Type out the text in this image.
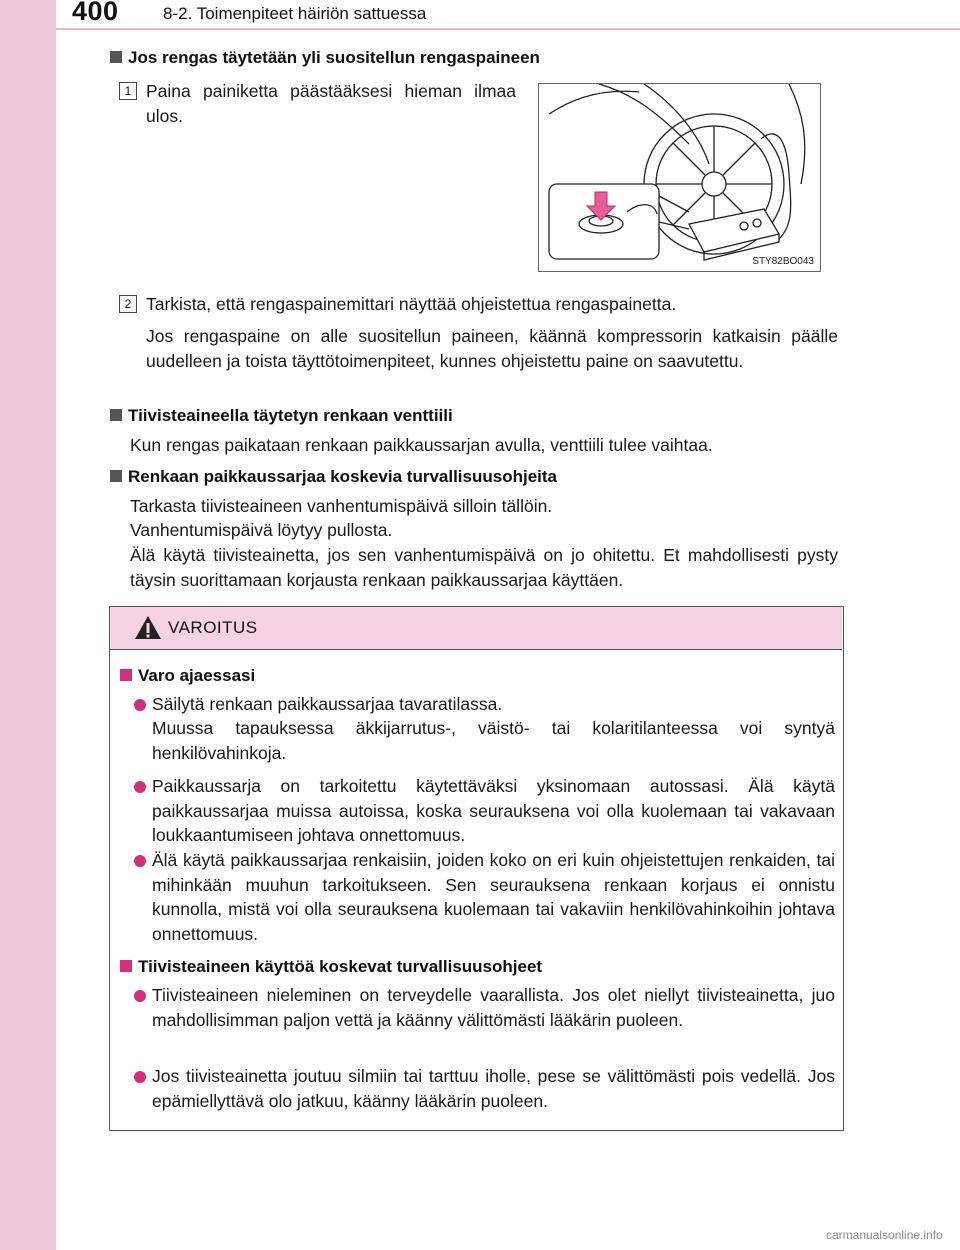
400	8-2. Toimenpiteet häiriön sattuessa
Jos rengas täytetään yli suositellun rengaspaineen
1 Paina painiketta päästääksesi hieman ilmaa ulos.
STY82BO043
2 Tarkista, että rengaspainemittari näyttää ohjeistettua rengaspainetta.
Jos rengaspaine on alle suositellun paineen, käännä kompressorin katkaisin päälle uudelleen ja toista täyttötoimenpiteet, kunnes ohjeistettu paine on saavutettu.
Tiivisteaineella täytetyn renkaan venttiili
Kun rengas paikataan renkaan paikkaussarjan avulla, venttiili tulee vaihtaa.
Renkaan paikkaussarjaa koskevia turvallisuusohjeita
Tarkasta tiivisteaineen vanhentumispäivä silloin tällöin.
Vanhentumispäivä löytyy pullosta.
Älä käytä tiivisteainetta, jos sen vanhentumispäivä on jo ohitettu. Et mahdollisesti pysty täysin suorittamaan korjausta renkaan paikkaussarjaa käyttäen.
VAROITUS
Varo ajaessasi
Säilytä renkaan paikkaussarjaa tavaratilassa.
Muussa tapauksessa äkkijarrutus-, väistö- tai kolaritilanteessa voi syntyä henkilövahinkoja.
Paikkaussarja on tarkoitettu käytettäväksi yksinomaan autossasi. Älä käytä paikkaussarjaa muissa autoissa, koska seurauksena voi olla kuolemaan tai vakavaan loukkaantumiseen johtava onnettomuus.
Älä käytä paikkaussarjaa renkaisiin, joiden koko on eri kuin ohjeistettujen renkaiden, tai mihinkään muuhun tarkoitukseen. Sen seurauksena renkaan korjaus ei onnistu kunnolla, mistä voi olla seurauksena kuolemaan tai vakaviin henkilövahinkoihin johtava onnettomuus.
Tiivisteaineen käyttöä koskevat turvallisuusohjeet
Tiivisteaineen nieleminen on terveydelle vaarallista. Jos olet niellyt tiivisteainetta, juo mahdollisimman paljon vettä ja käänny välittömästi lääkärin puoleen.
Jos tiivisteainetta joutuu silmiin tai tarttuu iholle, pese se välittömästi pois vedellä. Jos epämiellyttävä olo jatkuu, käänny lääkärin puoleen.
carmanualsonline.info
